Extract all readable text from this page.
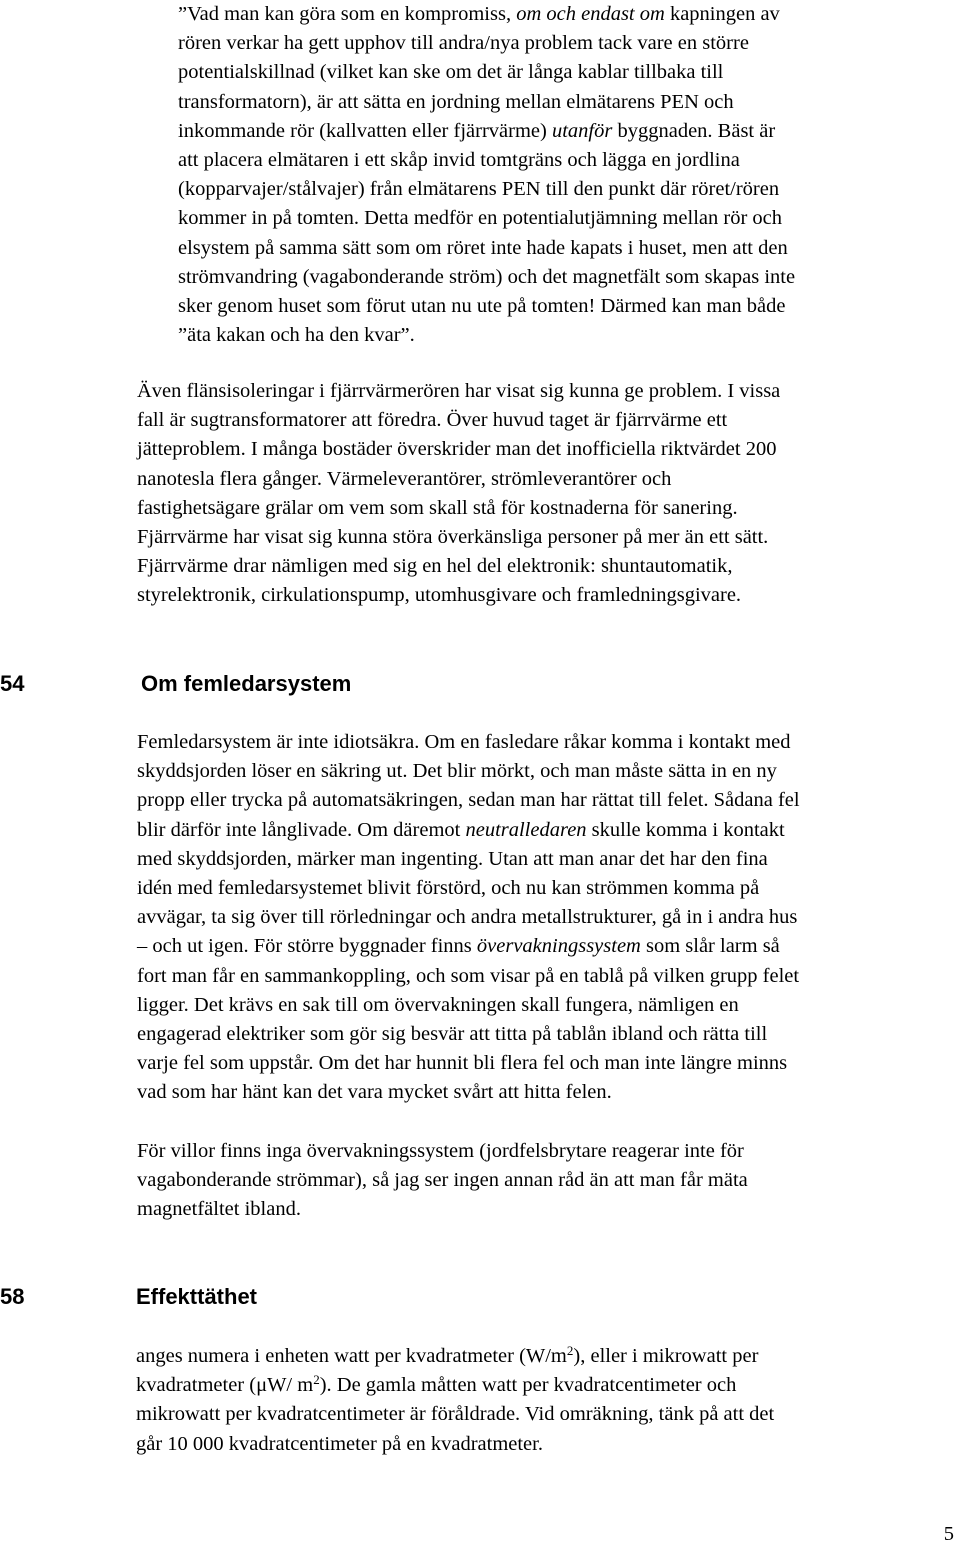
”Vad man kan göra som en kompromiss, om och endast om kapningen av
rören verkar ha gett upphov till andra/nya problem tack vare en större
potentialskillnad (vilket kan ske om det är långa kablar tillbaka till
transformatorn), är att sätta en jordning mellan elmätarens PEN och
inkommande rör (kallvatten eller fjärrvärme) utanför byggnaden. Bäst är
att placera elmätaren i ett skåp invid tomtgräns och lägga en jordlina
(kopparvajer/stålvajer) från elmätarens PEN till den punkt där röret/rören
kommer in på tomten. Detta medför en potentialutjämning mellan rör och
elsystem på samma sätt som om röret inte hade kapats i huset, men att den
strömvandring (vagabonderande ström) och det magnetfält som skapas inte
sker genom huset som förut utan nu ute på tomten! Därmed kan man både
”äta kakan och ha den kvar”.
Även flänsisoleringar i fjärrvärmerören har visat sig kunna ge problem. I vissa
fall är sugtransformatorer att föredra. Över huvud taget är fjärrvärme ett
jätteproblem. I många bostäder överskrider man det inofficiella riktvärdet 200
nanotesla flera gånger. Värmeleverantörer, strömleverantörer och
fastighetsägare grälar om vem som skall stå för kostnaderna för sanering.
Fjärrvärme har visat sig kunna störa överkänsliga personer på mer än ett sätt.
Fjärrvärme drar nämligen med sig en hel del elektronik: shuntautomatik,
styrelektronik, cirkulationspump, utomhusgivare och framledningsgivare.
54	Om femledarsystem
Femledarsystem är inte idiotsäkra. Om en fasledare råkar komma i kontakt med
skyddsjorden löser en säkring ut. Det blir mörkt, och man måste sätta in en ny
propp eller trycka på automatsäkringen, sedan man har rättat till felet. Sådana fel
blir därför inte långlivade. Om däremot neutralledaren skulle komma i kontakt
med skyddsjorden, märker man ingenting. Utan att man anar det har den fina
idén med femledarsystemet blivit förstörd, och nu kan strömmen komma på
avvägar, ta sig över till rörledningar och andra metallstrukturer, gå in i andra hus
– och ut igen. För större byggnader finns övervakningssystem som slår larm så
fort man får en sammankoppling, och som visar på en tablå på vilken grupp felet
ligger. Det krävs en sak till om övervakningen skall fungera, nämligen en
engagerad elektriker som gör sig besvär att titta på tablån ibland och rätta till
varje fel som uppstår. Om det har hunnit bli flera fel och man inte längre minns
vad som har hänt kan det vara mycket svårt att hitta felen.
För villor finns inga övervakningssystem (jordfelsbrytare reagerar inte för
vagabonderande strömmar), så jag ser ingen annan råd än att man får mäta
magnetfältet ibland.
58	Effekttäthet
anges numera i enheten watt per kvadratmeter $(W/m^2)$, eller i mikrowatt per
kvadratmeter (μW/ $m^2$). De gamla måtten watt per kvadratcentimeter och
mikrowatt per kvadratcentimeter är föråldrade. Vid omräkning, tänk på att det
går 10 000 kvadratcentimeter på en kvadratmeter.
5
